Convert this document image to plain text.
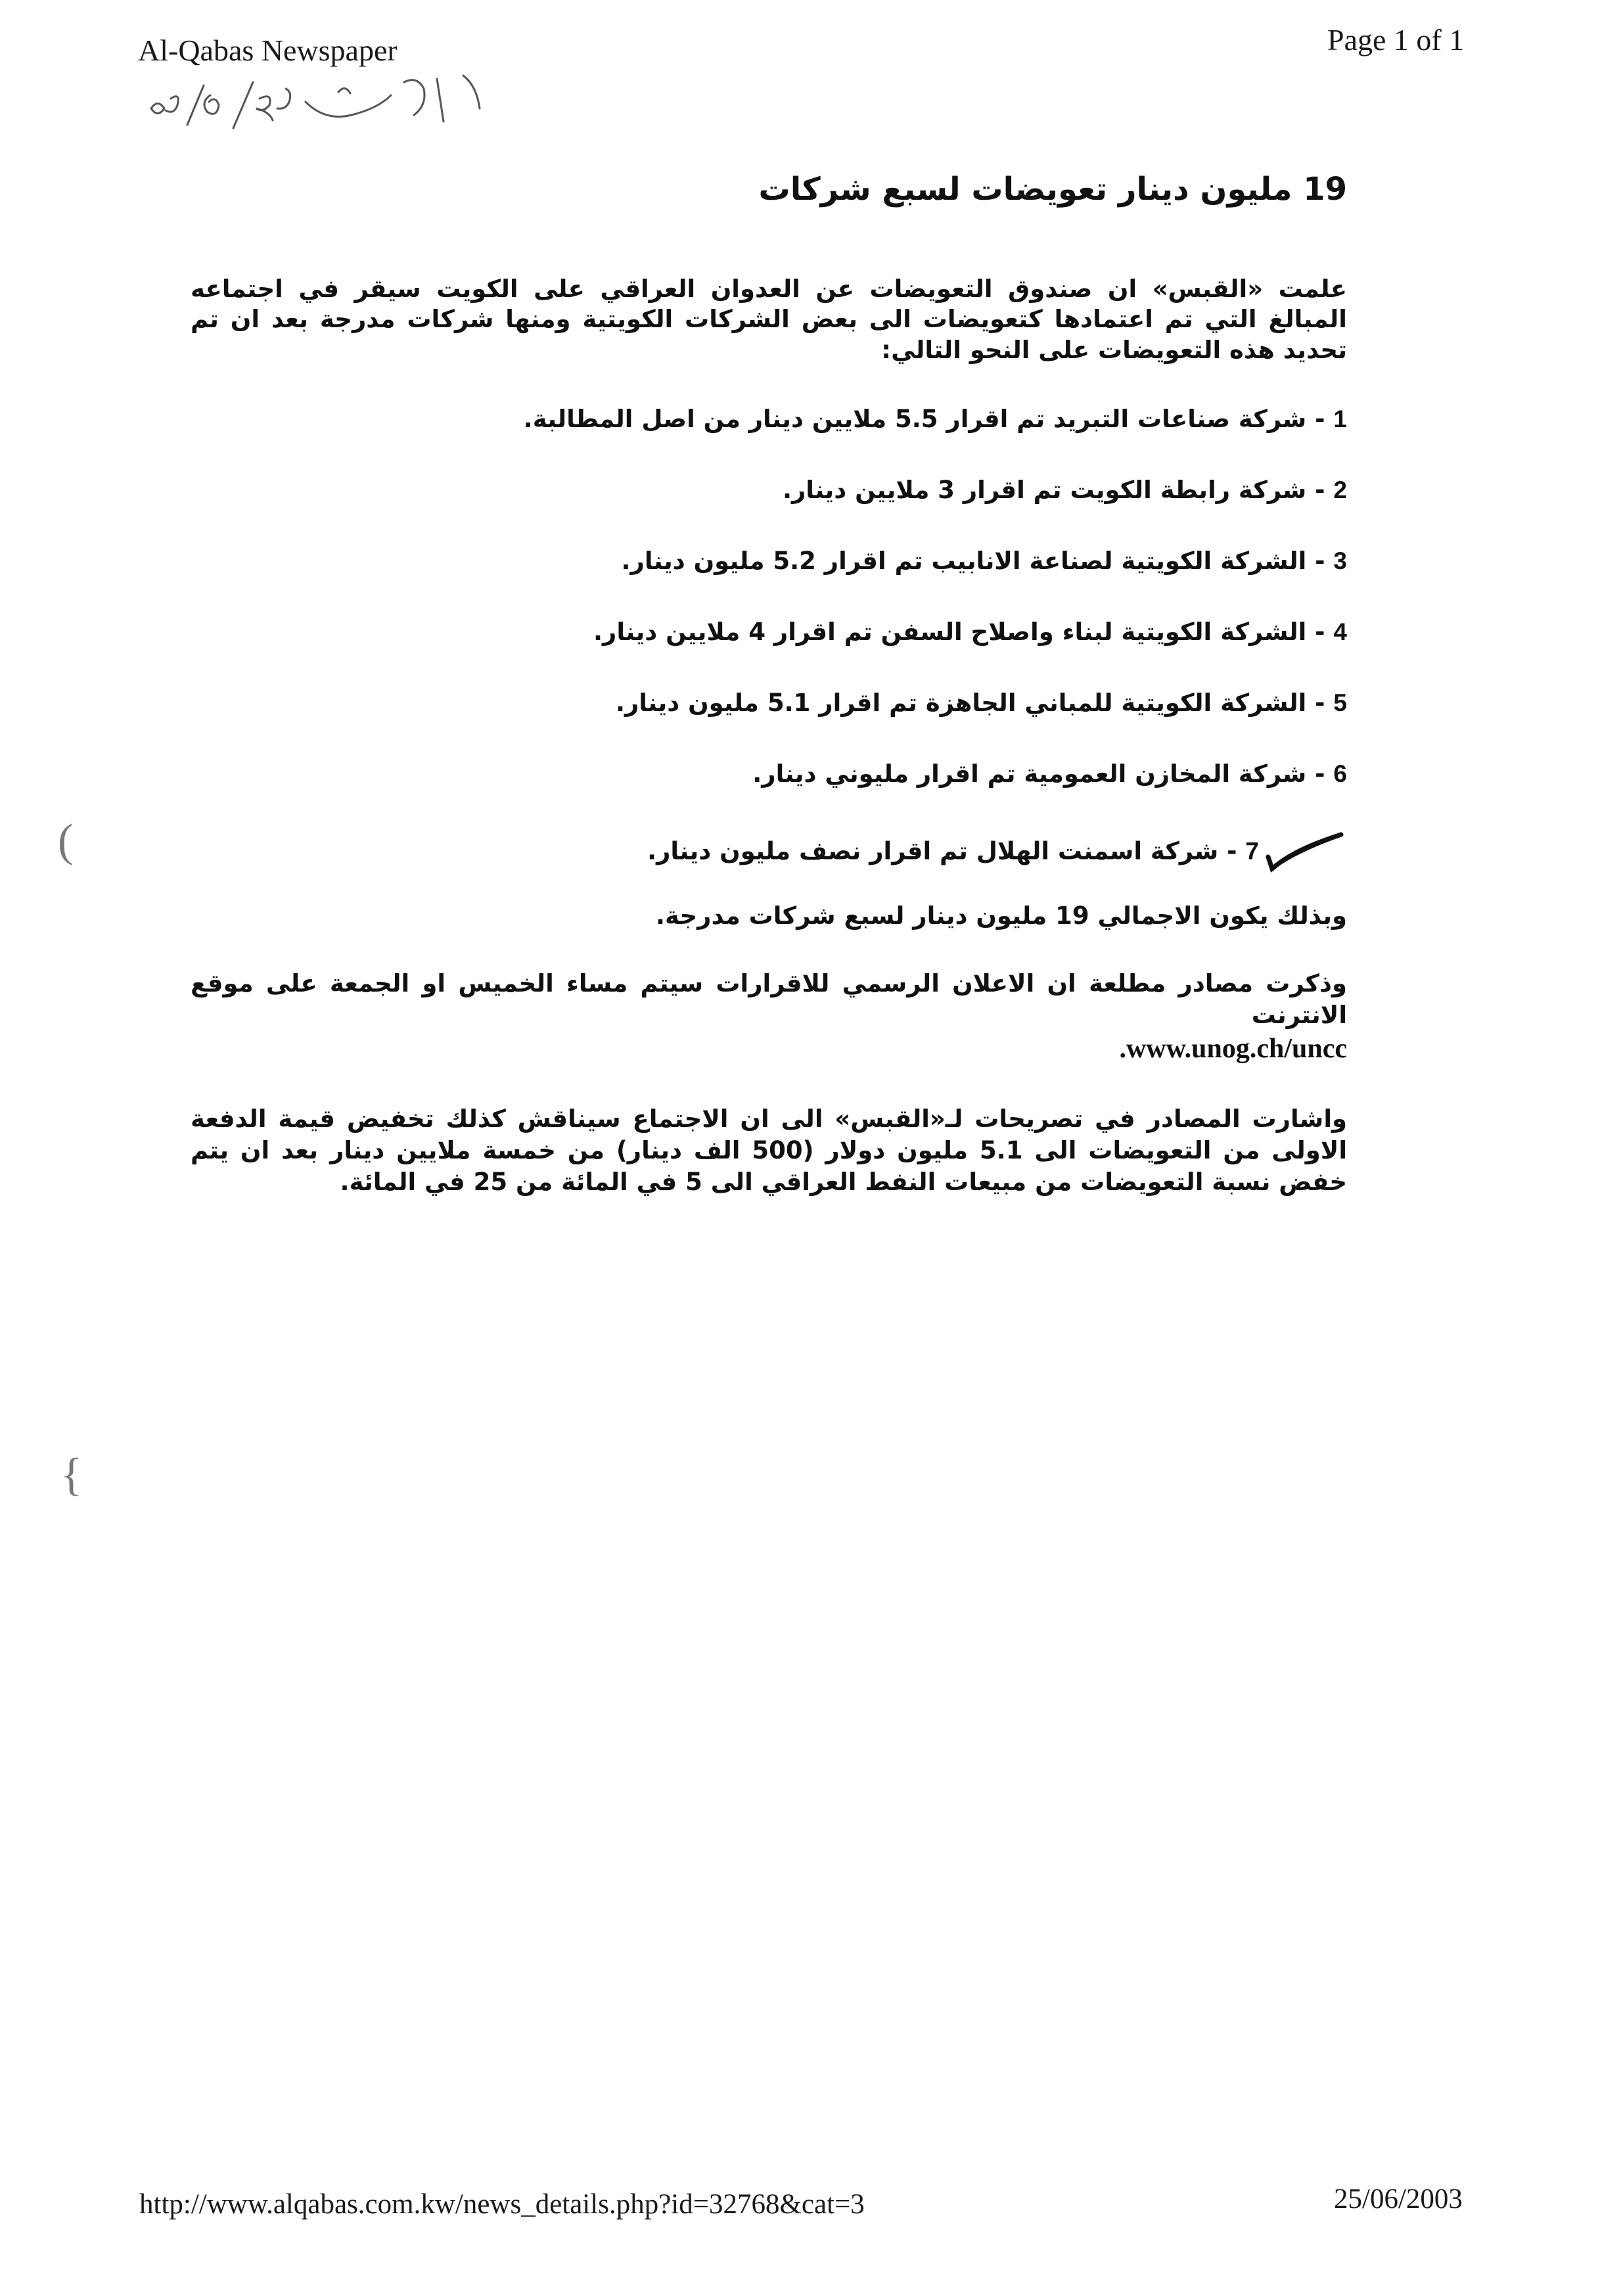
Al-Qabas Newspaper	Page 1 of 1
19 مليون دينار تعويضات لسبع شركات

علمت «القبس» ان صندوق التعويضات عن العدوان العراقي على الكويت سيقر في اجتماعه المبالغ التي تم اعتمادها كتعويضات الى بعض الشركات الكويتية ومنها شركات مدرجة بعد ان تم تحديد هذه التعويضات على النحو التالي:

1 - شركة صناعات التبريد تم اقرار 5.5 ملايين دينار من اصل المطالبة.
2 - شركة رابطة الكويت تم اقرار 3 ملايين دينار.
3 - الشركة الكويتية لصناعة الانابيب تم اقرار 5.2 مليون دينار.
4 - الشركة الكويتية لبناء واصلاح السفن تم اقرار 4 ملايين دينار.
5 - الشركة الكويتية للمباني الجاهزة تم اقرار 5.1 مليون دينار.
6 - شركة المخازن العمومية تم اقرار مليوني دينار.
7 - شركة اسمنت الهلال تم اقرار نصف مليون دينار.

وبذلك يكون الاجمالي 19 مليون دينار لسبع شركات مدرجة.

وذكرت مصادر مطلعة ان الاعلان الرسمي للاقرارات سيتم مساء الخميس او الجمعة على موقع الانترنت
.www.unog.ch/uncc

واشارت المصادر في تصريحات لـ«القبس» الى ان الاجتماع سيناقش كذلك تخفيض قيمة الدفعة الاولى من التعويضات الى 5.1 مليون دولار (500 الف دينار) من خمسة ملايين دينار بعد ان يتم خفض نسبة التعويضات من مبيعات النفط العراقي الى 5 في المائة من 25 في المائة.

(
{
http://www.alqabas.com.kw/news_details.php?id=32768&cat=3	25/06/2003
